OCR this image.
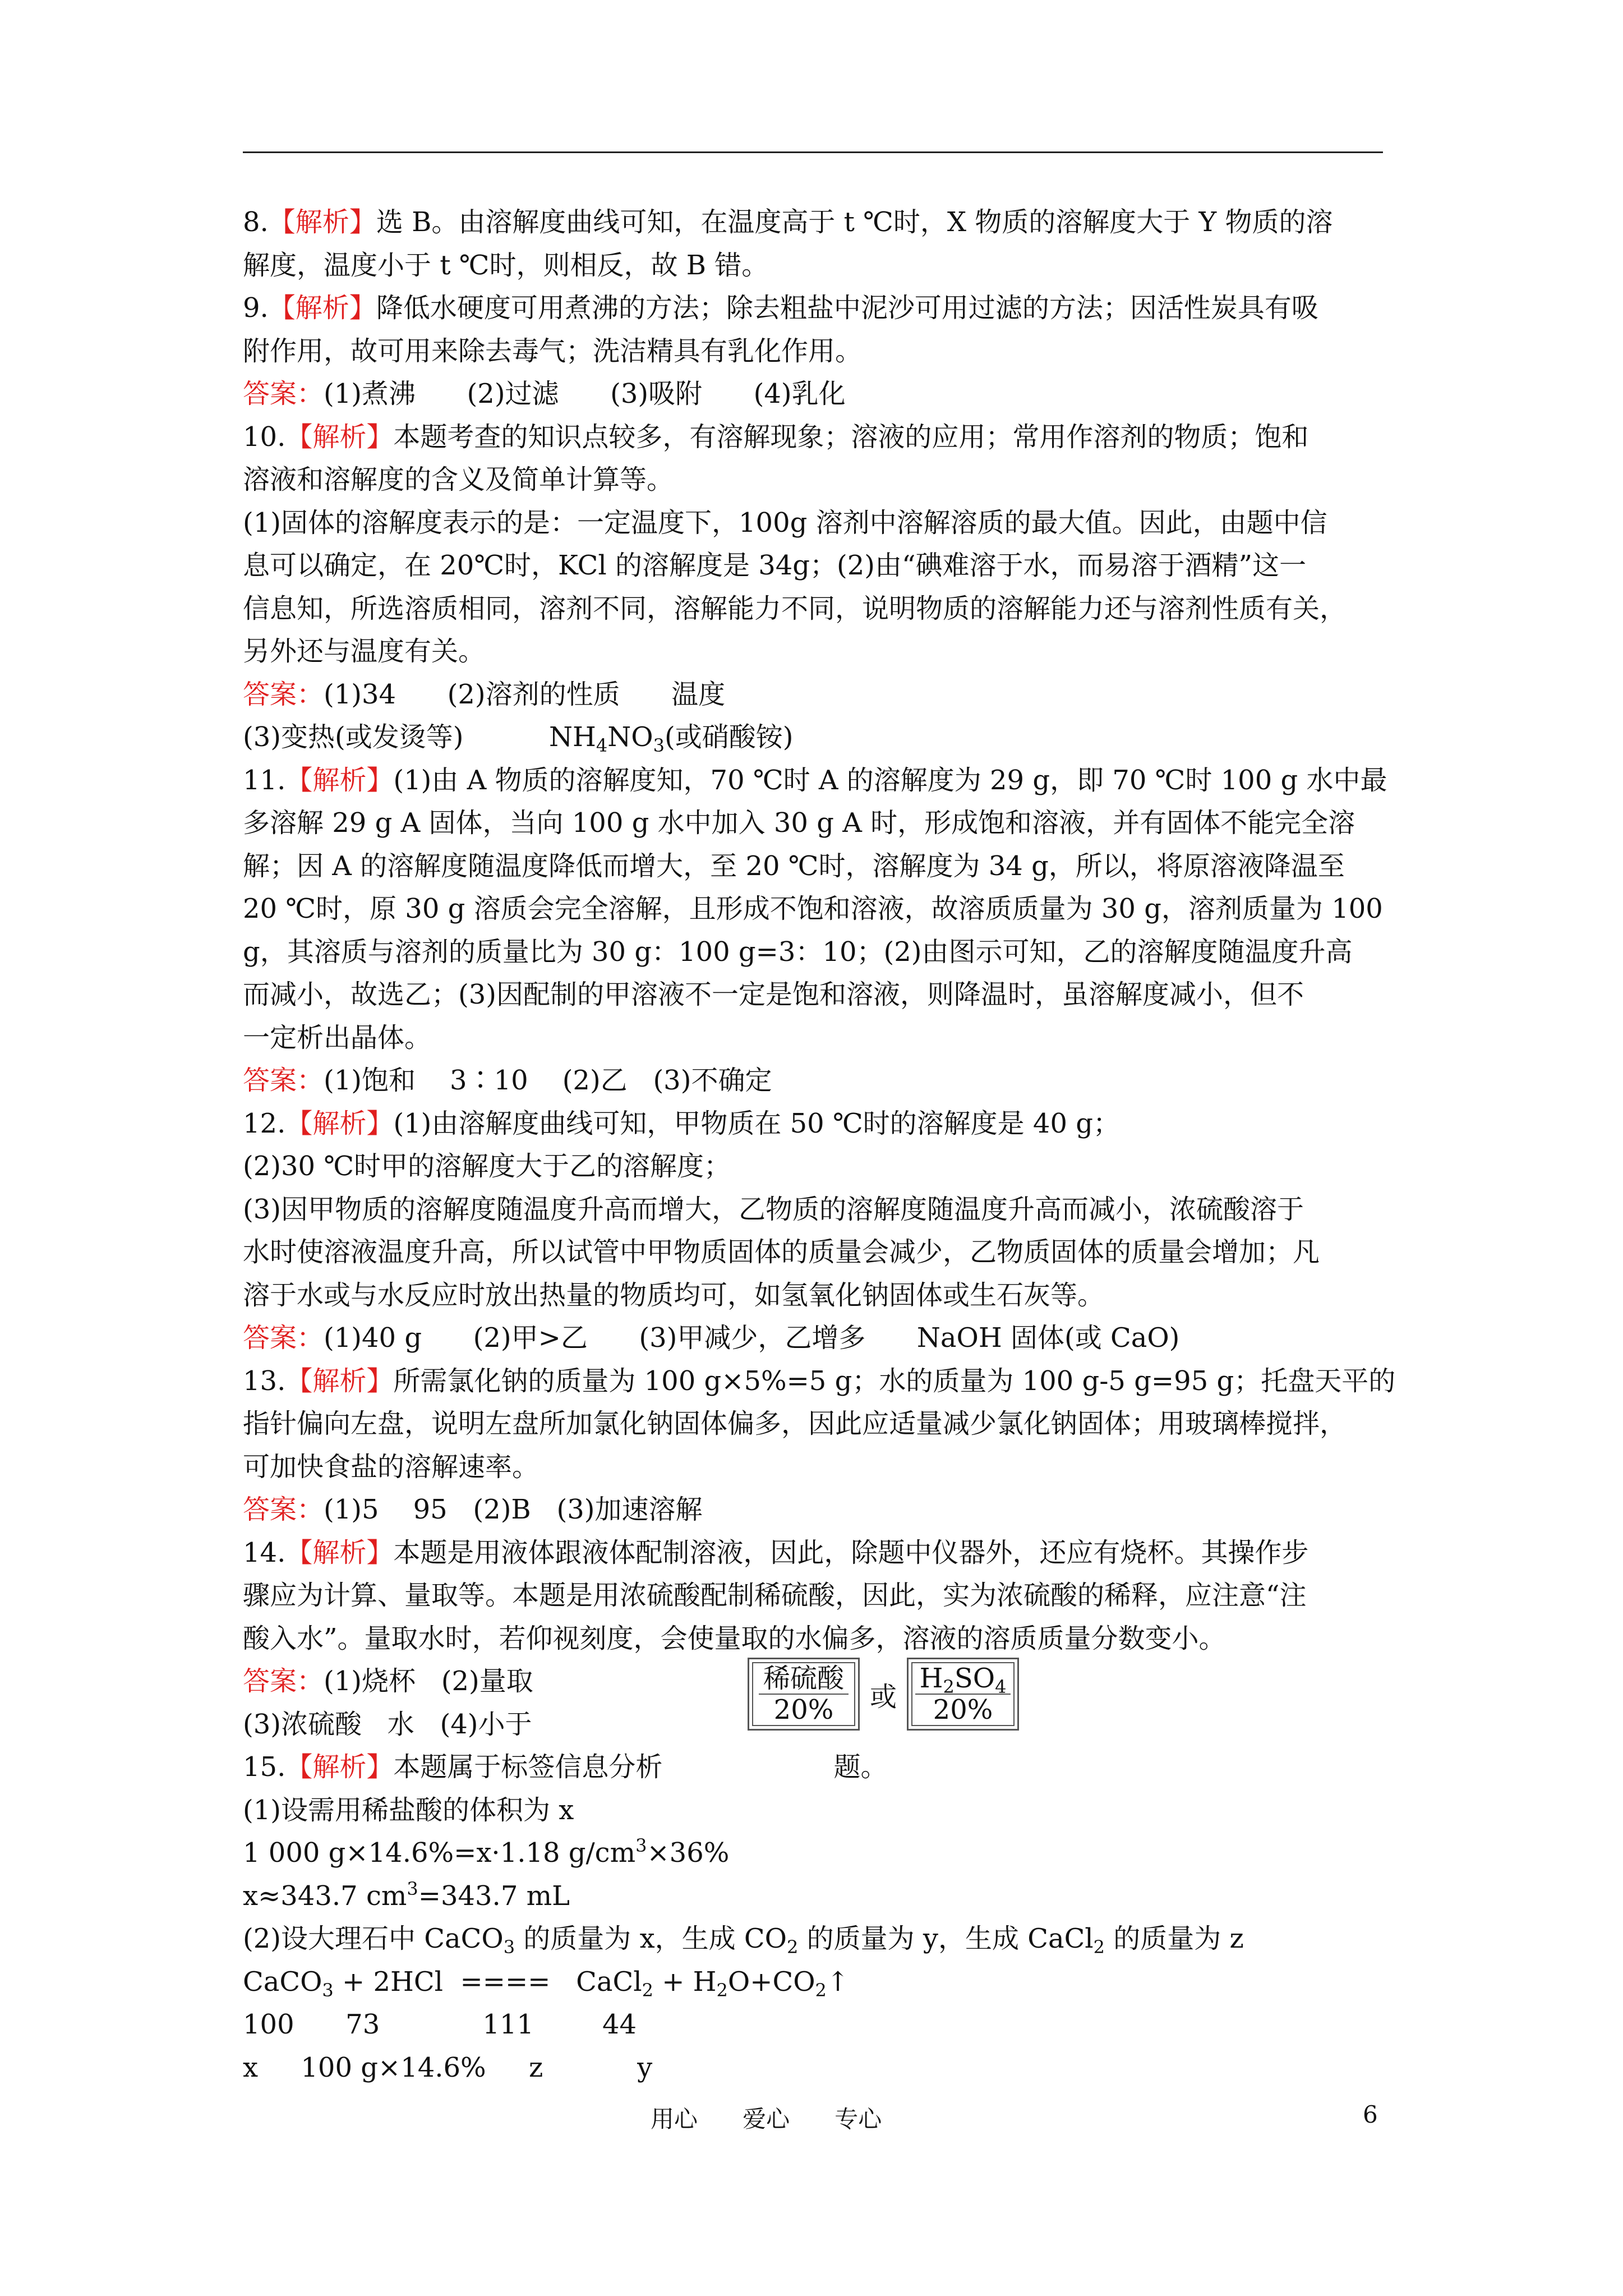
8.【解析】选 B。由溶解度曲线可知，在温度高于 t ℃时，X 物质的溶解度大于 Y 物质的溶
解度，温度小于 t ℃时，则相反，故 B 错。
9.【解析】降低水硬度可用煮沸的方法；除去粗盐中泥沙可用过滤的方法；因活性炭具有吸
附作用，故可用来除去毒气；洗洁精具有乳化作用。
答案：(1)煮沸      (2)过滤      (3)吸附      (4)乳化
10.【解析】本题考查的知识点较多，有溶解现象；溶液的应用；常用作溶剂的物质；饱和
溶液和溶解度的含义及简单计算等。
(1)固体的溶解度表示的是：一定温度下，100g 溶剂中溶解溶质的最大值。因此，由题中信
息可以确定，在 20℃时，KCl 的溶解度是 34g；(2)由“碘难溶于水，而易溶于酒精”这一
信息知，所选溶质相同，溶剂不同，溶解能力不同，说明物质的溶解能力还与溶剂性质有关，
另外还与温度有关。
答案：(1)34      (2)溶剂的性质      温度
(3)变热(或发烫等)          $NH_4NO_3$(或硝酸铵)
11.【解析】(1)由 A 物质的溶解度知，70 ℃时 A 的溶解度为 29 g，即 70 ℃时 100 g 水中最
多溶解 29 g A 固体，当向 100 g 水中加入 30 g A 时，形成饱和溶液，并有固体不能完全溶
解；因 A 的溶解度随温度降低而增大，至 20 ℃时，溶解度为 34 g，所以，将原溶液降温至
20 ℃时，原 30 g 溶质会完全溶解，且形成不饱和溶液，故溶质质量为 30 g，溶剂质量为 100
g，其溶质与溶剂的质量比为 30 g：100 g=3：10；(2)由图示可知，乙的溶解度随温度升高
而减小，故选乙；(3)因配制的甲溶液不一定是饱和溶液，则降温时，虽溶解度减小，但不
一定析出晶体。
答案：(1)饱和    3∶10    (2)乙   (3)不确定
12.【解析】(1)由溶解度曲线可知，甲物质在 50 ℃时的溶解度是 40 g；
(2)30 ℃时甲的溶解度大于乙的溶解度；
(3)因甲物质的溶解度随温度升高而增大，乙物质的溶解度随温度升高而减小，浓硫酸溶于
水时使溶液温度升高，所以试管中甲物质固体的质量会减少，乙物质固体的质量会增加；凡
溶于水或与水反应时放出热量的物质均可，如氢氧化钠固体或生石灰等。
答案：(1)40 g      (2)甲>乙      (3)甲减少，乙增多      NaOH 固体(或 CaO)
13.【解析】所需氯化钠的质量为 100 g×5%=5 g；水的质量为 100 g-5 g=95 g；托盘天平的
指针偏向左盘，说明左盘所加氯化钠固体偏多，因此应适量减少氯化钠固体；用玻璃棒搅拌，
可加快食盐的溶解速率。
答案：(1)5    95   (2)B   (3)加速溶解
14.【解析】本题是用液体跟液体配制溶液，因此，除题中仪器外，还应有烧杯。其操作步
骤应为计算、量取等。本题是用浓硫酸配制稀硫酸，因此，实为浓硫酸的稀释，应注意“注
酸入水”。量取水时，若仰视刻度，会使量取的水偏多，溶液的溶质质量分数变小。
答案：(1)烧杯   (2)量取
(3)浓硫酸   水   (4)小于
15.【解析】本题属于标签信息分析                    题。
(1)设需用稀盐酸的体积为 x
1 000 g×14.6%=x·1.18 $g/cm^3\times 36\%$
x≈343.7 $cm^3=343.7$ mL
(2)设大理石中 CaCO$_3$ 的质量为 x，生成 $CO_2$ 的质量为 y，生成 CaCl$_2$ 的质量为 z
CaCO$_3$ + 2HCl  ====   CaCl$_2$ + $H_2O+CO_2↑$
100      73            111        44
x     100 g×14.6%     z           y
稀硫酸
20% 或
$H_2SO_4$
20%
用心      爱心      专心	6
